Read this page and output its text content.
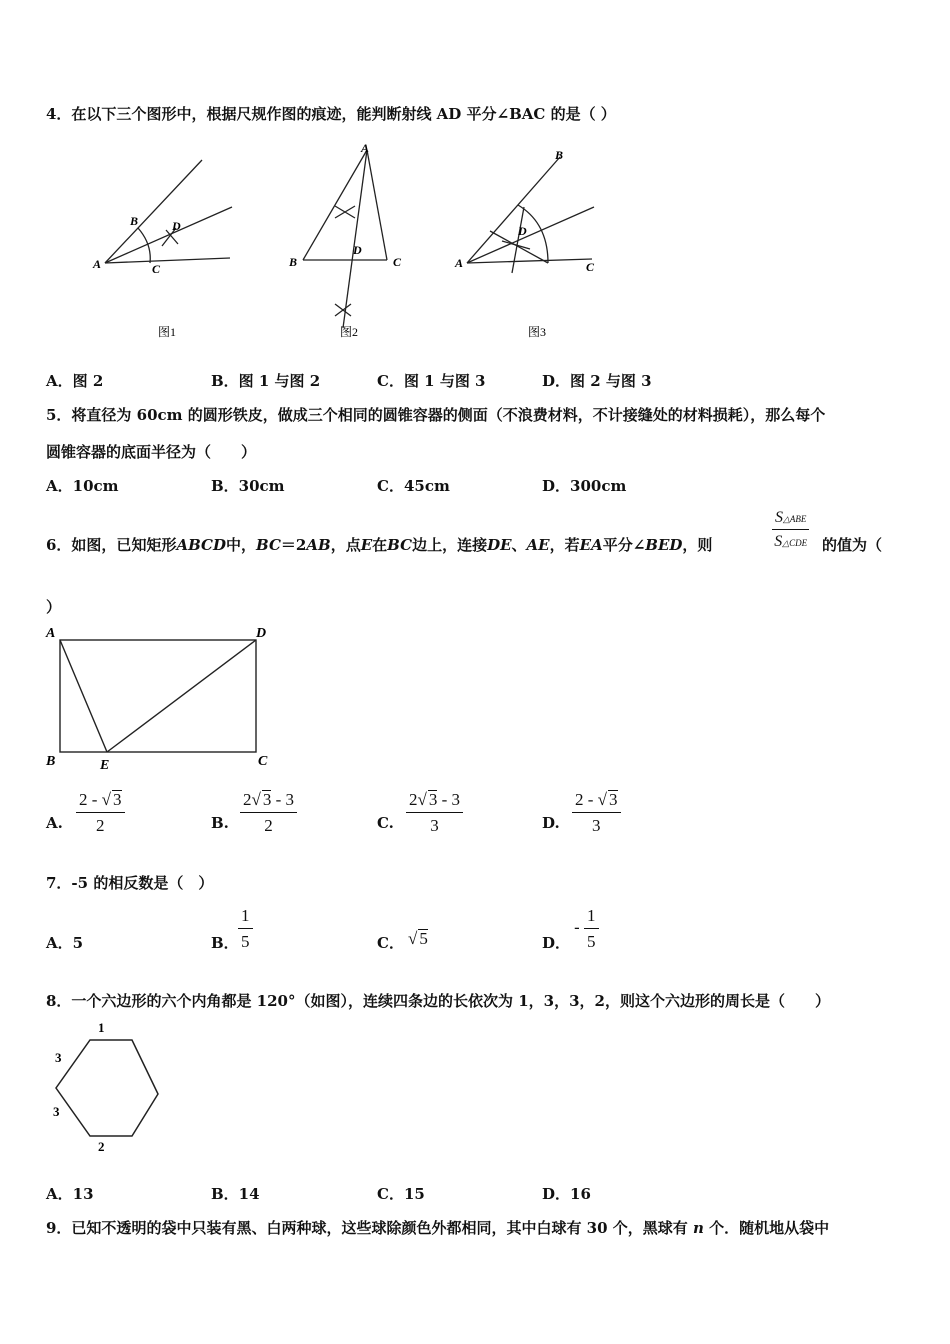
4．在以下三个图形中，根据尺规作图的痕迹，能判断射线 AD 平分∠BAC 的是（ ）
A
B
C
D
图1
A
B	C
D
图2
A
B
C
D
图3
A．图 2	B．图 1 与图 2	C．图 1 与图 3	D．图 2 与图 3
5．将直径为 60cm 的圆形铁皮，做成三个相同的圆锥容器的侧面（不浪费材料，不计接缝处的材料损耗），那么每个
圆锥容器的底面半径为（　　）
A．10cm	B．30cm	C．45cm	D．300cm
6．如图，已知矩形ABCD中，BC＝2AB，点E在BC边上，连接DE、AE，若EA平分∠BED，则
S△ABE
S△CDE 的值为（
）
A	D
B	E	C
A. $\frac{2 - √ 3}{2}$	B. $\frac{2√ 3 - 3}{2}$	C. $\frac{2√ 3 - 3}{3}$	D. $\frac{2 - √ 3}{3}$
7．-5 的相反数是（　）
A．5	B． $\frac{1}{5}$	C． √ 5	D．
- $\frac{1}{5}$
8．一个六边形的六个内角都是 120°（如图），连续四条边的长依次为 1，3，3，2，则这个六边形的周长是（　　）
1
3
3
2
A．13	B．14	C．15	D．16
9．已知不透明的袋中只装有黑、白两种球，这些球除颜色外都相同，其中白球有 30 个，黑球有 n 个．随机地从袋中
